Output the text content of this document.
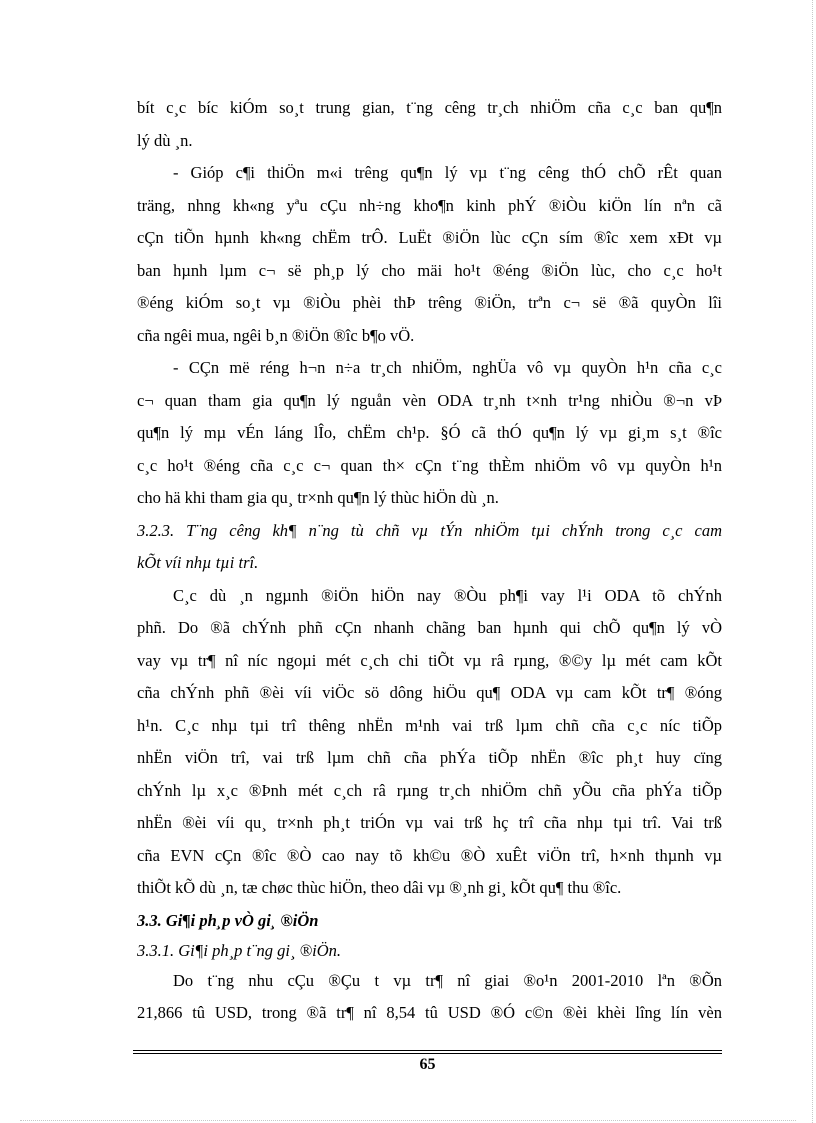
bít c¸c bíc kiÓm so¸t trung gian, t¨ng cêng tr¸ch nhiÖm cña c¸c ban qu¶n
lý dù ¸n.
- Gióp c¶i thiÖn m«i trêng qu¶n lý vµ t¨ng cêng thÓ chÕ rÊt quan
träng, nhng kh«ng yªu cÇu nh÷ng kho¶n kinh phÝ ®iÒu kiÖn lín nªn cã
cÇn tiÕn hµnh kh«ng chËm trÔ. LuËt ®iÖn lùc cÇn sím ®îc xem xÐt vµ
ban hµnh lµm c¬ së ph¸p lý cho mäi ho¹t ®éng ®iÖn lùc, cho c¸c ho¹t
®éng kiÓm so¸t vµ ®iÒu phèi thÞ trêng ®iÖn, trªn c¬ së ®ã quyÒn lîi
cña ngêi mua, ngêi b¸n ®iÖn ®îc b¶o vÖ.
- CÇn më réng h¬n n÷a tr¸ch nhiÖm, nghÜa vô vµ quyÒn h¹n cña c¸c
c¬ quan tham gia qu¶n lý nguån vèn ODA tr¸nh t×nh tr¹ng nhiÒu ®¬n vÞ
qu¶n lý mµ vÉn láng lÎo, chËm ch¹p. §Ó cã thÓ qu¶n lý vµ gi¸m s¸t ®îc
c¸c ho¹t ®éng cña c¸c c¬ quan th× cÇn t¨ng thÈm nhiÖm vô vµ quyÒn h¹n
cho hä khi tham gia qu¸ tr×nh qu¶n lý thùc hiÖn dù ¸n.
3.2.3. T¨ng cêng kh¶ n¨ng tù chñ vµ tÝn nhiÖm tµi chÝnh trong c¸c cam
kÕt víi nhµ tµi trî.
C¸c dù ¸n ngµnh ®iÖn hiÖn nay ®Òu ph¶i vay l¹i ODA tõ chÝnh
phñ. Do ®ã chÝnh phñ cÇn nhanh chãng ban hµnh qui chÕ qu¶n lý vÒ
vay vµ tr¶ nî níc ngoµi mét c¸ch chi tiÕt vµ râ rµng, ®©y lµ mét cam kÕt
cña chÝnh phñ ®èi víi viÖc sö dông hiÖu qu¶ ODA vµ cam kÕt tr¶ ®óng
h¹n. C¸c nhµ tµi trî thêng nhËn m¹nh vai trß lµm chñ cña c¸c níc tiÕp
nhËn viÖn trî, vai trß lµm chñ cña phÝa tiÕp nhËn ®îc ph¸t huy cïng
chÝnh lµ x¸c ®Þnh mét c¸ch râ rµng tr¸ch nhiÖm chñ yÕu cña phÝa tiÕp
nhËn ®èi víi qu¸ tr×nh ph¸t triÓn vµ vai trß hç trî cña nhµ tµi trî. Vai trß
cña EVN cÇn ®îc ®Ò cao nay tõ kh©u ®Ò xuÊt viÖn trî, h×nh thµnh vµ
thiÕt kÕ dù ¸n, tæ chøc thùc hiÖn, theo dâi vµ ®¸nh gi¸ kÕt qu¶ thu ®îc.
3.3. Gi¶i ph¸p vÒ gi¸ ®iÖn
3.3.1. Gi¶i ph¸p t¨ng gi¸ ®iÖn.
Do t¨ng nhu cÇu ®Çu t vµ tr¶ nî giai ®o¹n 2001-2010 lªn ®Õn
21,866 tû USD, trong ®ã tr¶ nî 8,54 tû USD ®Ó c©n ®èi khèi lîng lín vèn
65
